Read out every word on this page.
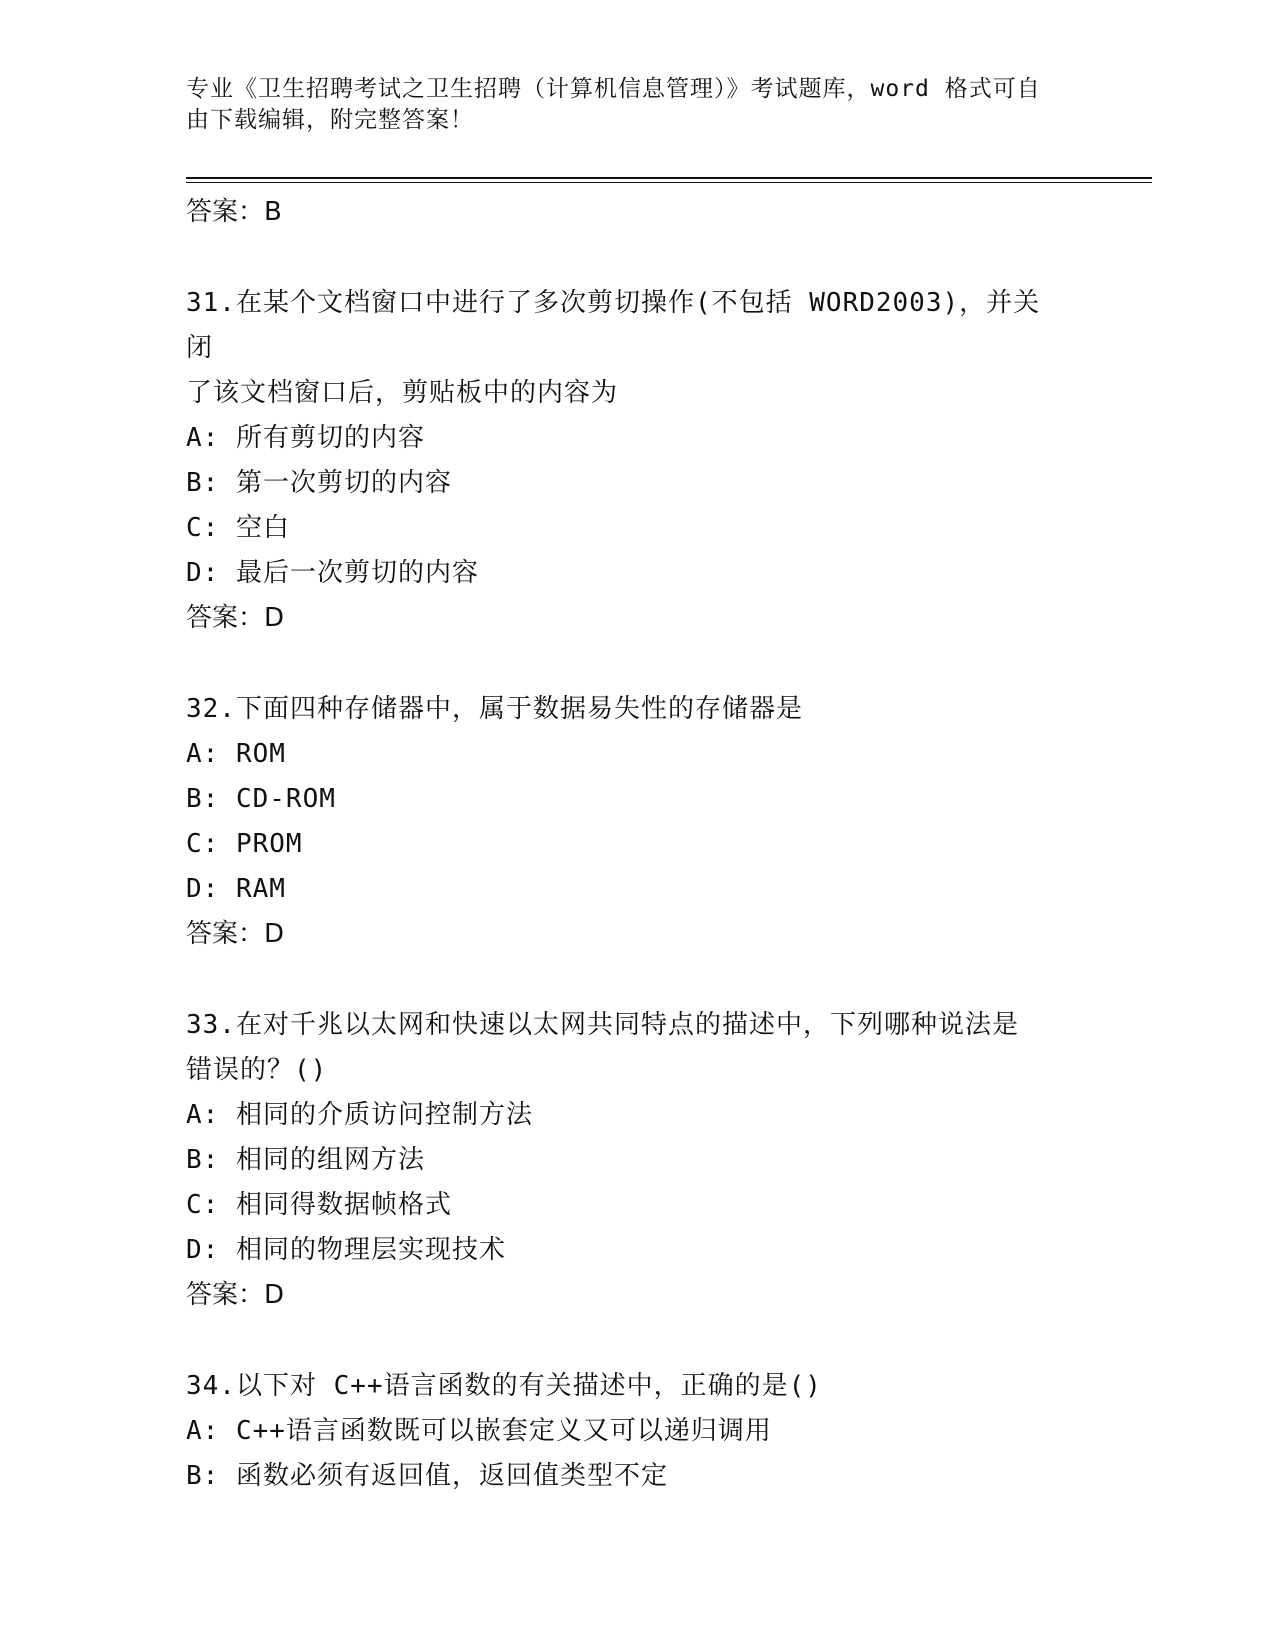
专业《卫生招聘考试之卫生招聘（计算机信息管理）》考试题库，word 格式可自
由下载编辑，附完整答案！
答案：B
31.在某个文档窗口中进行了多次剪切操作(不包括 WORD2003)，并关闭
了该文档窗口后，剪贴板中的内容为
A: 所有剪切的内容
B: 第一次剪切的内容
C: 空白
D: 最后一次剪切的内容
答案：D
32.下面四种存储器中，属于数据易失性的存储器是
A: ROM
B: CD-ROM
C: PROM
D: RAM
答案：D
33.在对千兆以太网和快速以太网共同特点的描述中，下列哪种说法是
错误的？()
A: 相同的介质访问控制方法
B: 相同的组网方法
C: 相同得数据帧格式
D: 相同的物理层实现技术
答案：D
34.以下对 C++语言函数的有关描述中，正确的是()
A: C++语言函数既可以嵌套定义又可以递归调用
B: 函数必须有返回值，返回值类型不定
